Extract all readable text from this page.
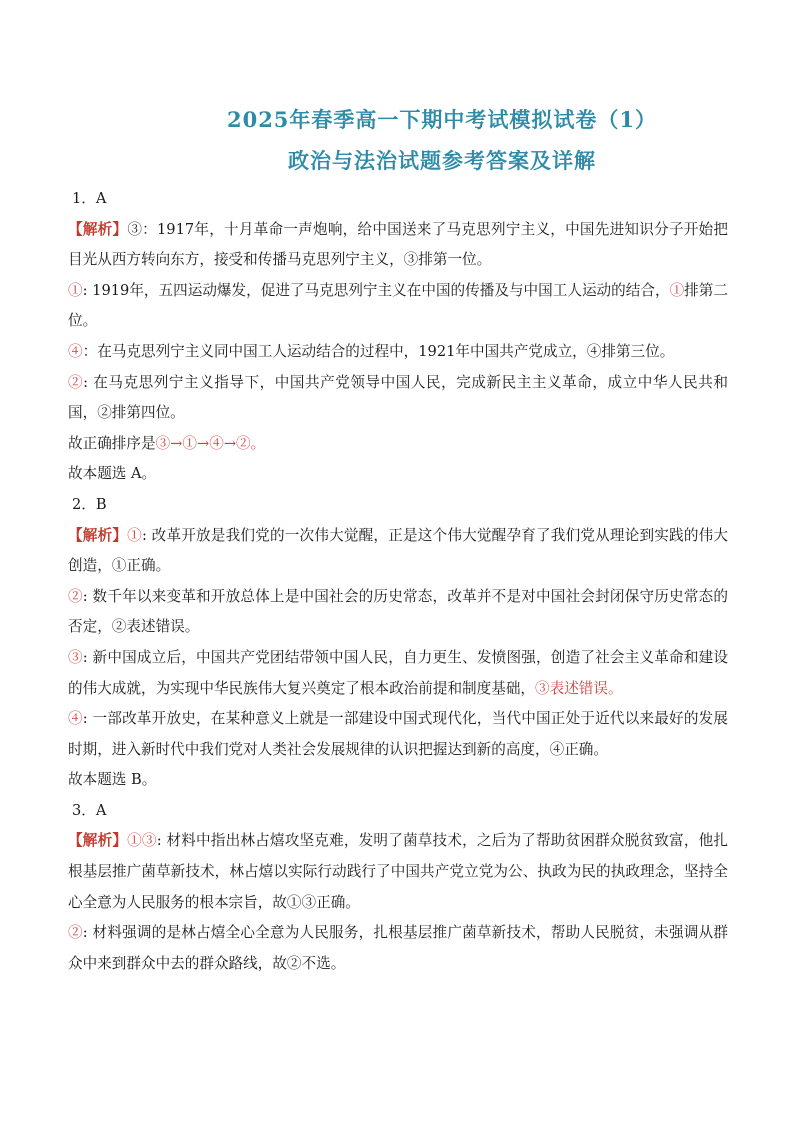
2025年春季高一下期中考试模拟试卷（1）
政治与法治试题参考答案及详解

1．A

【解析】③：1917年，十月革命一声炮响，给中国送来了马克思列宁主义，中国先进知识分子开始把目光从西方转向东方，接受和传播马克思列宁主义，③排第一位。

①: 1919年，五四运动爆发，促进了马克思列宁主义在中国的传播及与中国工人运动的结合，①排第二位。

④：在马克思列宁主义同中国工人运动结合的过程中，1921年中国共产党成立，④排第三位。

②: 在马克思列宁主义指导下，中国共产党领导中国人民，完成新民主主义革命，成立中华人民共和国，②排第四位。

故正确排序是③→①→④→②。

故本题选 A。

2．B

【解析】①: 改革开放是我们党的一次伟大觉醒，正是这个伟大觉醒孕育了我们党从理论到实践的伟大创造，①正确。

②: 数千年以来变革和开放总体上是中国社会的历史常态，改革并不是对中国社会封闭保守历史常态的否定，②表述错误。

③: 新中国成立后，中国共产党团结带领中国人民，自力更生、发愤图强，创造了社会主义革命和建设的伟大成就，为实现中华民族伟大复兴奠定了根本政治前提和制度基础，③表述错误。

④: 一部改革开放史，在某种意义上就是一部建设中国式现代化，当代中国正处于近代以来最好的发展时期，进入新时代中我们党对人类社会发展规律的认识把握达到新的高度，④正确。

故本题选 B。

3．A

【解析】①③: 材料中指出林占熺攻坚克难，发明了菌草技术，之后为了帮助贫困群众脱贫致富，他扎根基层推广菌草新技术，林占熺以实际行动践行了中国共产党立党为公、执政为民的执政理念，坚持全心全意为人民服务的根本宗旨，故①③正确。

②: 材料强调的是林占熺全心全意为人民服务，扎根基层推广菌草新技术，帮助人民脱贫，未强调从群众中来到群众中去的群众路线，故②不选。
